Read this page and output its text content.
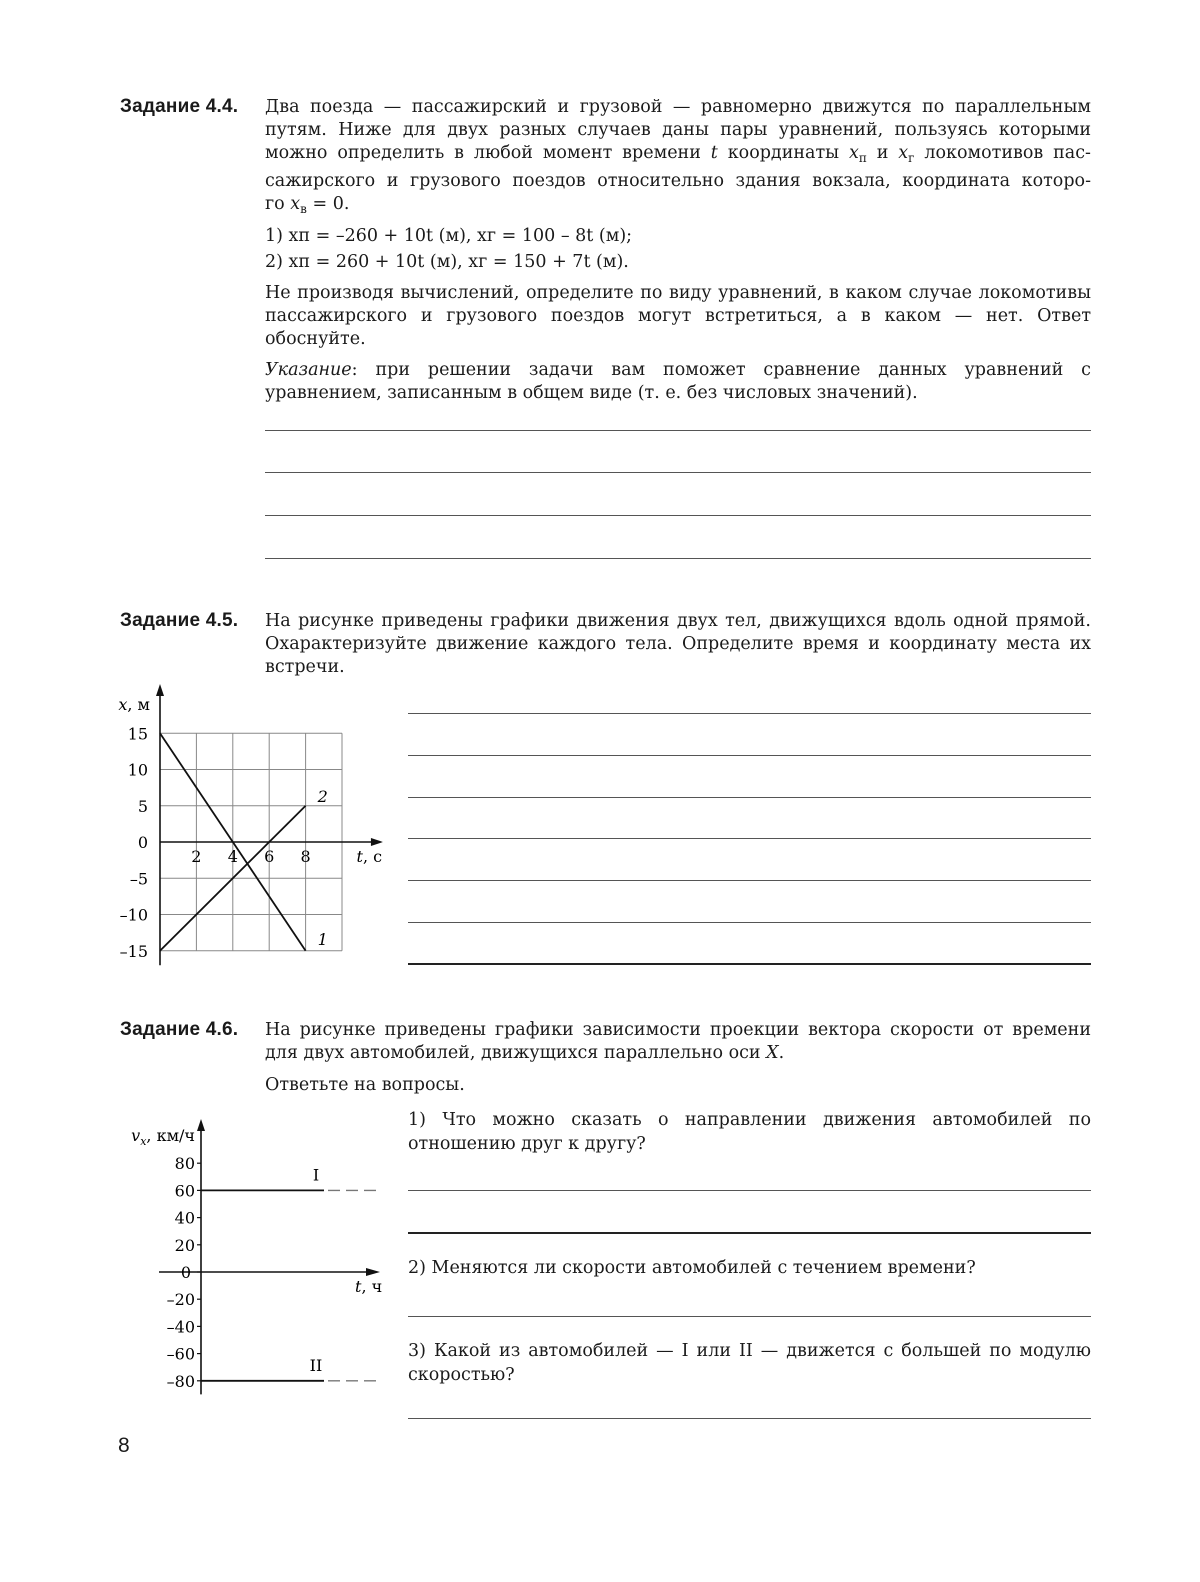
Задание 4.4. Два поезда — пассажирский и грузовой — равномерно движутся по параллельным
путям. Ниже для двух разных случаев даны пары уравнений, пользуясь которыми
можно определить в любой момент времени t координаты $x_п$ и $x_г$ локомотивов пас-
сажирского и грузового поездов относительно здания вокзала, координата которо-
го $x_в = 0$.
1) xп = –260 + 10t (м), xг = 100 – 8t (м);
2) xп = 260 + 10t (м), xг = 150 + 7t (м).
Не производя вычислений, определите по виду уравнений, в каком случае локомотивы пассажирского и грузового поездов могут встретиться, а в каком — нет. Ответ обоснуйте.
Указание: при решении задачи вам поможет сравнение данных уравнений с уравнением, записанным в общем виде (т. е. без числовых значений).
Задание 4.5. На рисунке приведены графики движения двух тел, движущихся вдоль одной прямой. Охарактеризуйте движение каждого тела. Определите время и координату места их встречи.
15
10
5
0
–5
–10
–15
2 4 6 8
x, м
t, с
1
2
Задание 4.6. На рисунке приведены графики зависимости проекции вектора скорости от времени для двух автомобилей, движущихся параллельно оси X.
Ответьте на вопросы.
80
60
40
20
0
–20
–40
–60
–80
$v_x$, км/ч
t, ч
I
II
1) Что можно сказать о направлении движения автомобилей по отношению друг к другу?
2) Меняются ли скорости автомобилей с течением времени?
3) Какой из автомобилей — I или II — движется с большей по модулю скоростью?
8
